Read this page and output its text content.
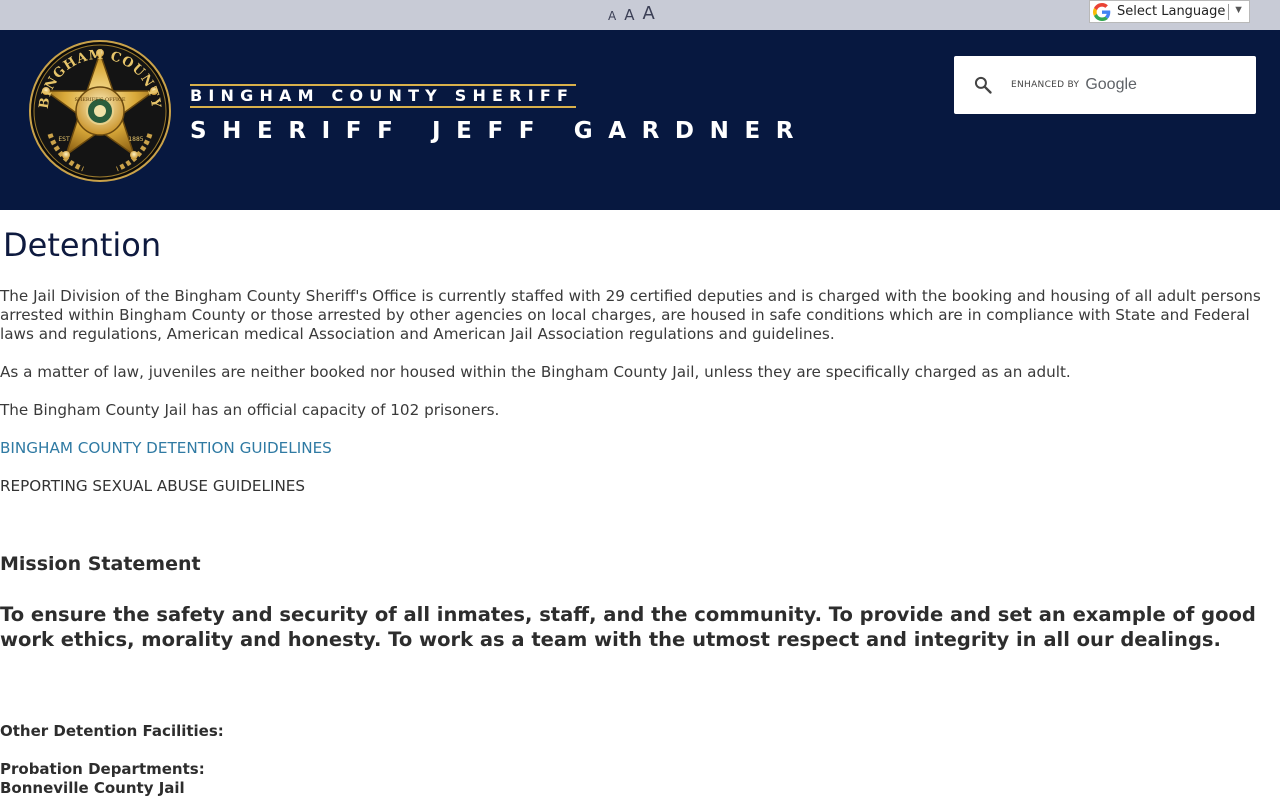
A A A	Select Language ▼
BINGHAM COUNTY
SHERIFF'S OFFICE
EST	1885
BINGHAM COUNTY SHERIFF
SHERIFF JEFF GARDNER
ENHANCED BY Google
Detention

The Jail Division of the Bingham County Sheriff's Office is currently staffed with 29 certified deputies and is charged with the booking and housing of all adult persons arrested within Bingham County or those arrested by other agencies on local charges, are housed in safe conditions which are in compliance with State and Federal laws and regulations, American medical Association and American Jail Association regulations and guidelines.

As a matter of law, juveniles are neither booked nor housed within the Bingham County Jail, unless they are specifically charged as an adult.

The Bingham County Jail has an official capacity of 102 prisoners.

BINGHAM COUNTY DETENTION GUIDELINES

REPORTING SEXUAL ABUSE GUIDELINES

Mission Statement

To ensure the safety and security of all inmates, staff, and the community. To provide and set an example of good work ethics, morality and honesty. To work as a team with the utmost respect and integrity in all our dealings.

Other Detention Facilities:
Probation Departments:
Bonneville County Jail
